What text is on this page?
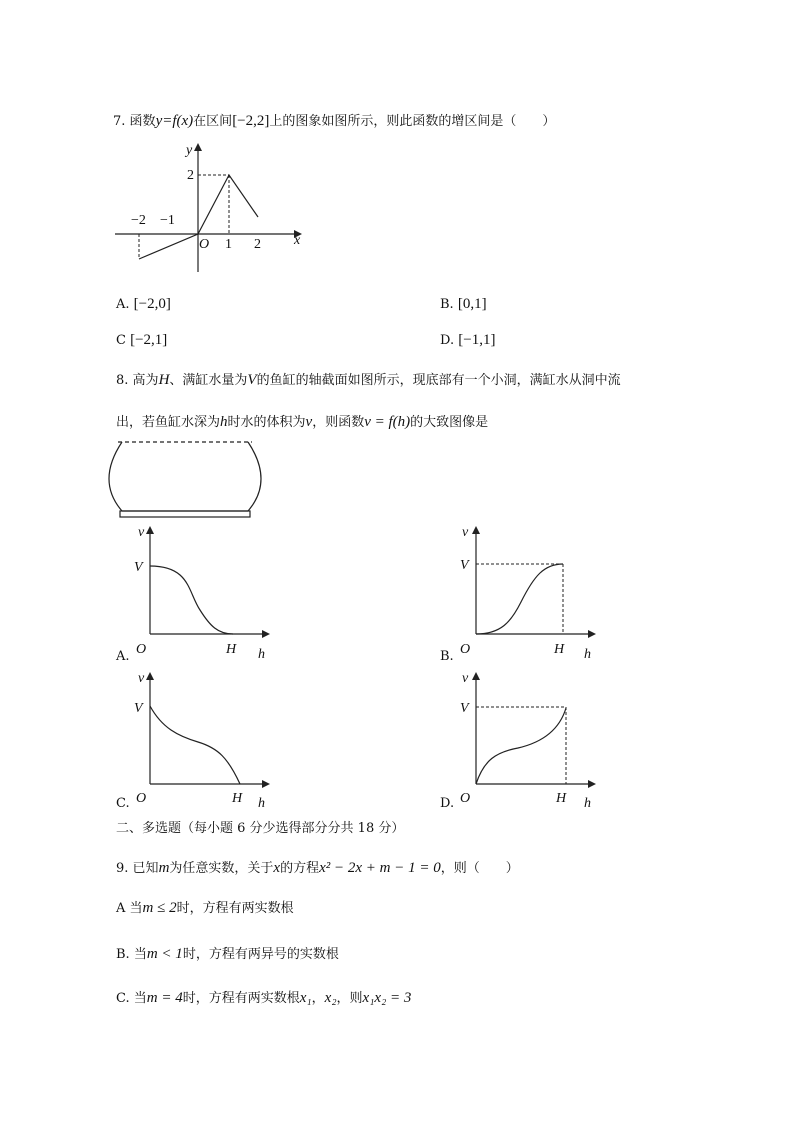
7. 函数y=f(x)在区间[−2,2]上的图象如图所示，则此函数的增区间是（　　）
y
x
O
2
−2 −1
1 2
A. [−2,0]	B. [0,1]
C [−2,1]	D. [−1,1]
8. 高为H、满缸水量为V的鱼缸的轴截面如图所示，现底部有一个小洞，满缸水从洞中流
出，若鱼缸水深为h时水的体积为v，则函数v = f(h)的大致图像是
v
V
O	H h
A.
v
V
O	H h
B.
v
V
O	H h
C.
v
V
O	H h
D.
二、多选题（每小题 6 分少选得部分分共 18 分）
9. 已知m为任意实数，关于x的方程x² − 2x + m − 1 = 0，则（　　）
A 当m ≤ 2时，方程有两实数根
B. 当m < 1时，方程有两异号的实数根
C. 当m = 4时，方程有两实数根x₁，x₂，则x₁x₂ = 3
